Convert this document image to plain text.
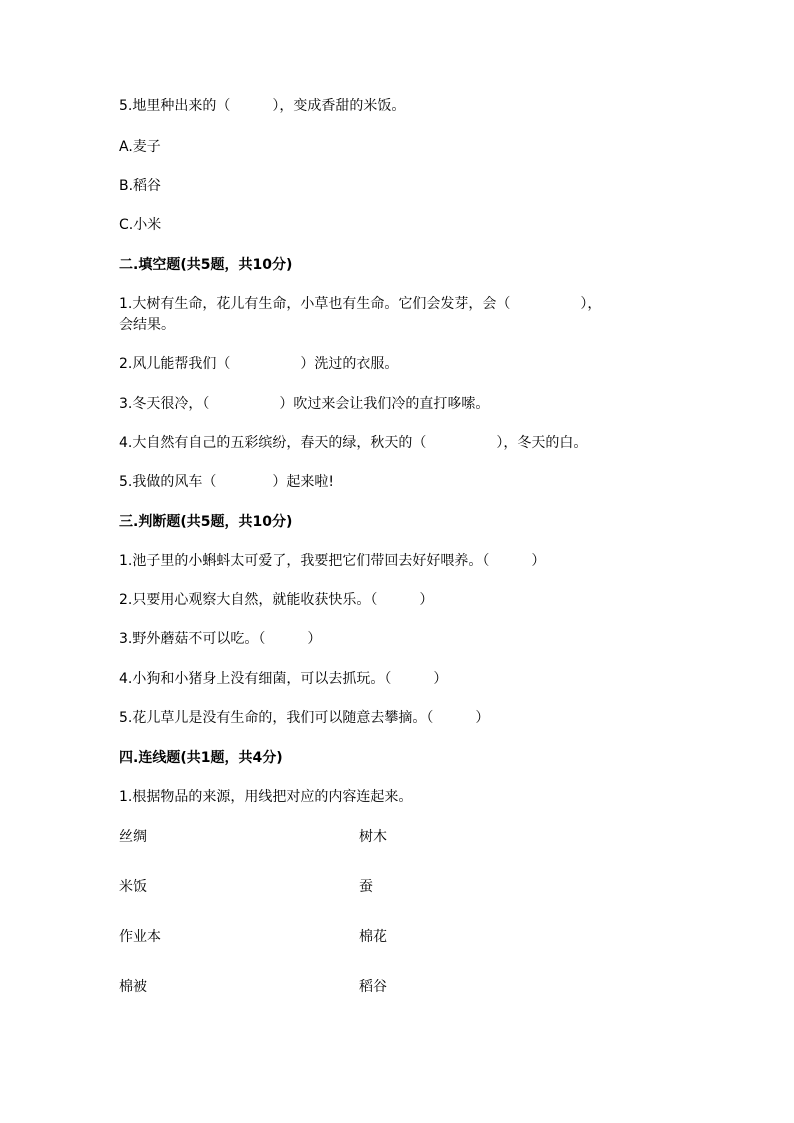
5.地里种出来的（　　　），变成香甜的米饭。
A.麦子
B.稻谷
C.小米
二.填空题(共5题，共10分)
1.大树有生命，花儿有生命，小草也有生命。它们会发芽，会（　　　　　），
会结果。
2.风儿能帮我们（　　　　　）洗过的衣服。
3.冬天很冷，（　　　　　）吹过来会让我们冷的直打哆嗦。
4.大自然有自己的五彩缤纷，春天的绿，秋天的（　　　　　），冬天的白。
5.我做的风车（　　　　）起来啦!
三.判断题(共5题，共10分)
1.池子里的小蝌蚪太可爱了，我要把它们带回去好好喂养。（　　　）
2.只要用心观察大自然，就能收获快乐。（　　　）
3.野外蘑菇不可以吃。（　　　）
4.小狗和小猪身上没有细菌，可以去抓玩。（　　　）
5.花儿草儿是没有生命的，我们可以随意去攀摘。（　　　）
四.连线题(共1题，共4分)
1.根据物品的来源，用线把对应的内容连起来。
丝绸	树木
米饭	蚕
作业本	棉花
棉被	稻谷
